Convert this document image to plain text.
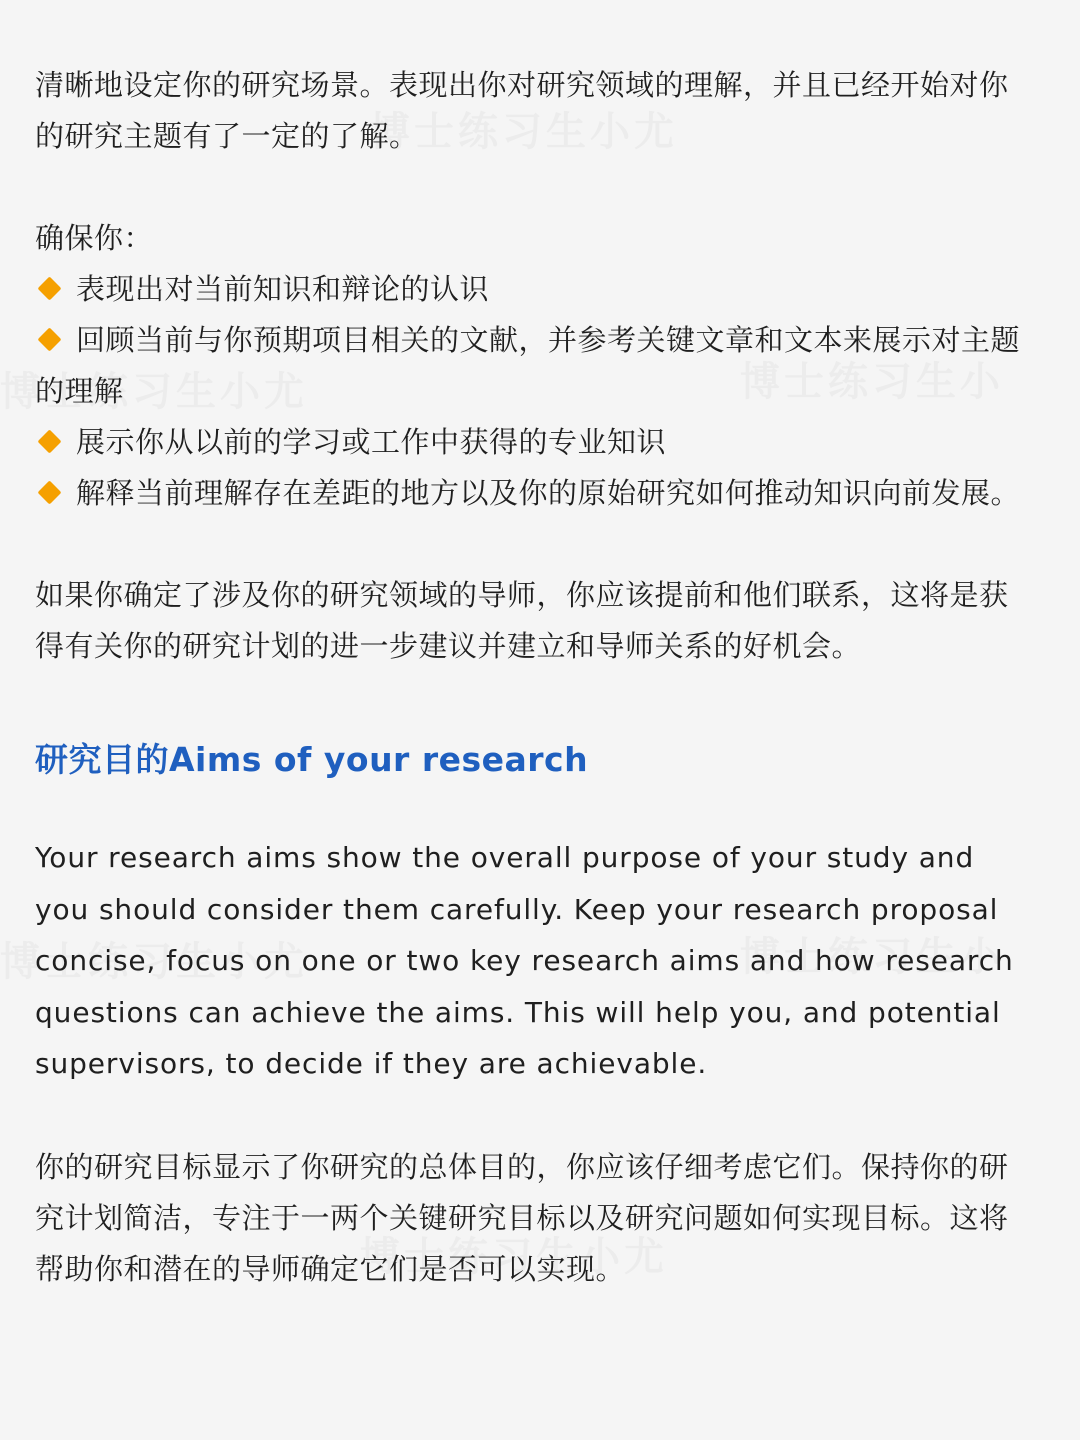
清晰地设定你的研究场景。表现出你对研究领域的理解，并且已经开始对你的研究主题有了一定的了解。

确保你：

表现出对当前知识和辩论的认识
回顾当前与你预期项目相关的文献，并参考关键文章和文本来展示对主题的理解
展示你从以前的学习或工作中获得的专业知识
解释当前理解存在差距的地方以及你的原始研究如何推动知识向前发展。

如果你确定了涉及你的研究领域的导师，你应该提前和他们联系，这将是获得有关你的研究计划的进一步建议并建立和导师关系的好机会。

研究目的Aims of your research

Your research aims show the overall purpose of your study and you should consider them carefully. Keep your research proposal concise, focus on one or two key research aims and how research questions can achieve the aims. This will help you, and potential supervisors, to decide if they are achievable.

你的研究目标显示了你研究的总体目的，你应该仔细考虑它们。保持你的研究计划简洁，专注于一两个关键研究目标以及研究问题如何实现目标。这将帮助你和潜在的导师确定它们是否可以实现。
